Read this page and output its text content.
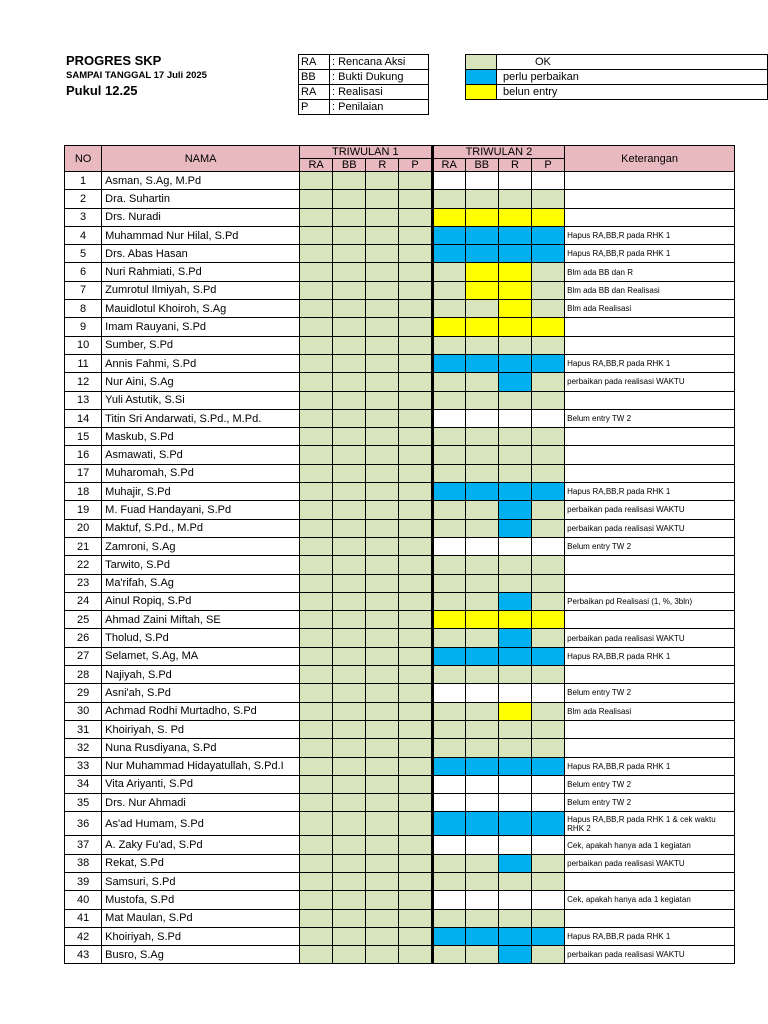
PROGRES SKP
SAMPAI TANGGAL 17 Juli 2025
Pukul 12.25
RA	: Rencana Aksi
BB	: Bukti Dukung
RA	: Realisasi
P	: Penilaian
	OK
	perlu perbaikan
	belun entry
NO	NAMA	TRIWULAN 1				TRIWULAN 2				Keterangan
		RA	BB	R	P	RA	BB	R	P	
1	Asman, S.Ag, M.Pd									
2	Dra. Suhartin									
3	Drs. Nuradi									
4	Muhammad Nur Hilal, S.Pd									Hapus RA,BB,R pada RHK 1
5	Drs. Abas Hasan									Hapus RA,BB,R pada RHK 1
6	Nuri Rahmiati, S.Pd									Blm ada BB dan R
7	Zumrotul Ilmiyah, S.Pd									Blm ada BB dan Realisasi
8	Mauidlotul Khoiroh, S.Ag									Blm ada Realisasi
9	Imam Rauyani, S.Pd									
10	Sumber, S.Pd									
11	Annis Fahmi, S.Pd									Hapus RA,BB,R pada RHK 1
12	Nur Aini, S.Ag									perbaikan pada realisasi WAKTU
13	Yuli Astutik, S.Si									
14	Titin Sri Andarwati, S.Pd., M.Pd.									Belum entry TW 2
15	Maskub, S.Pd									
16	Asmawati, S.Pd									
17	Muharomah, S.Pd									
18	Muhajir, S.Pd									Hapus RA,BB,R pada RHK 1
19	M. Fuad Handayani, S.Pd									perbaikan pada realisasi WAKTU
20	Maktuf, S.Pd., M.Pd									perbaikan pada realisasi WAKTU
21	Zamroni, S.Ag									Belum entry TW 2
22	Tarwito, S.Pd									
23	Ma'rifah, S.Ag									
24	Ainul Ropiq, S.Pd									Perbaikan pd Realisasi (1, %, 3bln)
25	Ahmad Zaini Miftah, SE									
26	Tholud, S.Pd									perbaikan pada realisasi WAKTU
27	Selamet, S.Ag, MA									Hapus RA,BB,R pada RHK 1
28	Najiyah, S.Pd									
29	Asni'ah, S.Pd									Belum entry TW 2
30	Achmad Rodhi Murtadho, S.Pd									Blm ada Realisasi
31	Khoiriyah, S. Pd									
32	Nuna Rusdiyana, S.Pd									
33	Nur Muhammad Hidayatullah, S.Pd.I									Hapus RA,BB,R pada RHK 1
34	Vita Ariyanti, S.Pd									Belum entry TW 2
35	Drs. Nur Ahmadi									Belum entry TW 2
36	As'ad Humam, S.Pd									Hapus RA,BB,R pada RHK 1 & cek waktu RHK 2
37	A. Zaky Fu'ad, S.Pd									Cek, apakah hanya ada 1 kegiatan
38	Rekat, S.Pd									perbaikan pada realisasi WAKTU
39	Samsuri, S.Pd									
40	Mustofa, S.Pd									Cek, apakah hanya ada 1 kegiatan
41	Mat Maulan, S.Pd									
42	Khoiriyah, S.Pd									Hapus RA,BB,R pada RHK 1
43	Busro, S.Ag									perbaikan pada realisasi WAKTU
